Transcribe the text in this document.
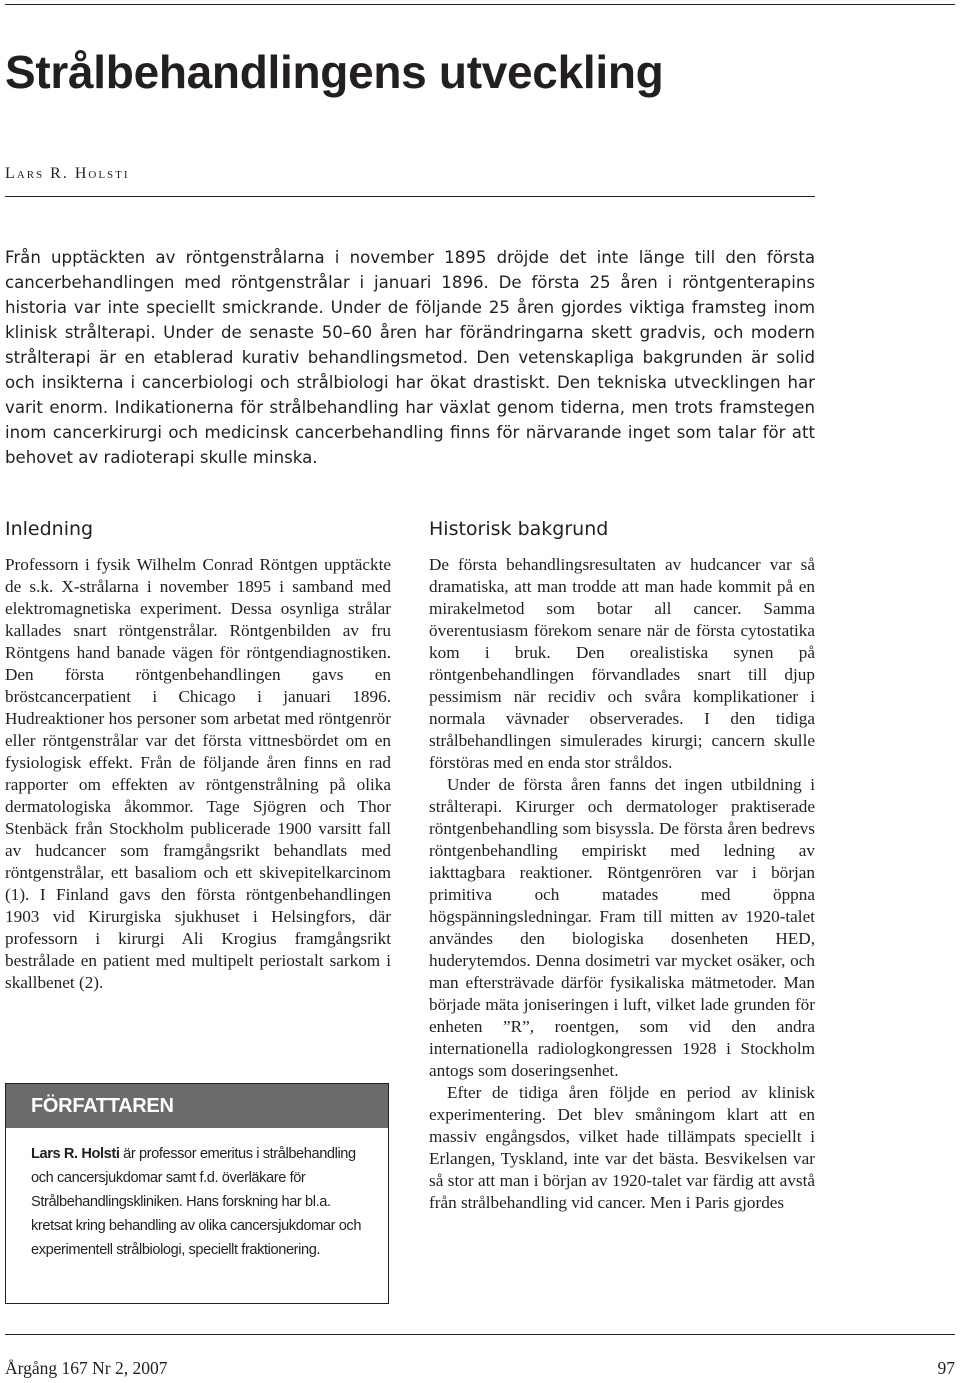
Strålbehandlingens utveckling
Lars R. Holsti

Från upptäckten av röntgenstrålarna i november 1895 dröjde det inte länge till den första cancerbehandlingen med röntgenstrålar i januari 1896. De första 25 åren i röntgenterapins historia var inte speciellt smickrande. Under de följande 25 åren gjordes viktiga framsteg inom klinisk strålterapi. Under de senaste 50–60 åren har förändringarna skett gradvis, och modern strålterapi är en etablerad kurativ behandlingsmetod. Den vetenskapliga bakgrunden är solid och insikterna i cancerbiologi och strålbiologi har ökat drastiskt. Den tekniska utvecklingen har varit enorm. Indikationerna för strålbehandling har växlat genom tiderna, men trots framstegen inom cancerkirurgi och medicinsk cancerbehandling finns för närvarande inget som talar för att behovet av radioterapi skulle minska.

Inledning

Professorn i fysik Wilhelm Conrad Röntgen upptäckte de s.k. X-strålarna i november 1895 i samband med elektromagnetiska experiment. Dessa osynliga strålar kallades snart röntgenstrålar. Röntgenbilden av fru Röntgens hand banade vägen för röntgendiagnostiken. Den första röntgenbehandlingen gavs en bröstcancerpatient i Chicago i januari 1896. Hudreaktioner hos personer som arbetat med röntgenrör eller röntgenstrålar var det första vittnesbördet om en fysiologisk effekt. Från de följande åren finns en rad rapporter om effekten av röntgenstrålning på olika dermatologiska åkommor. Tage Sjögren och Thor Stenbäck från Stockholm publicerade 1900 varsitt fall av hudcancer som framgångsrikt behandlats med röntgenstrålar, ett basaliom och ett skivepitelkarcinom (1). I Finland gavs den första röntgenbehandlingen 1903 vid Kirurgiska sjukhuset i Helsingfors, där professorn i kirurgi Ali Krogius framgångsrikt bestrålade en patient med multipelt periostalt sarkom i skallbenet (2).

Historisk bakgrund

De första behandlingsresultaten av hudcancer var så dramatiska, att man trodde att man hade kommit på en mirakelmetod som botar all cancer. Samma överentusiasm förekom senare när de första cytostatika kom i bruk. Den orealistiska synen på röntgenbehandlingen förvandlades snart till djup pessimism när recidiv och svåra komplikationer i normala vävnader observerades. I den tidiga strålbehandlingen simulerades kirurgi; cancern skulle förstöras med en enda stor stråldos.

Under de första åren fanns det ingen utbildning i strålterapi. Kirurger och dermatologer praktiserade röntgenbehandling som bisyssla. De första åren bedrevs röntgenbehandling empiriskt med ledning av iakttagbara reaktioner. Röntgenrören var i början primitiva och matades med öppna högspänningsledningar. Fram till mitten av 1920-talet användes den biologiska dosenheten HED, huderytemdos. Denna dosimetri var mycket osäker, och man eftersträvade därför fysikaliska mätmetoder. Man började mäta joniseringen i luft, vilket lade grunden för enheten ”R”, roentgen, som vid den andra internationella radiologkongressen 1928 i Stockholm antogs som doseringsenhet.

Efter de tidiga åren följde en period av klinisk experimentering. Det blev småningom klart att en massiv engångsdos, vilket hade tillämpats speciellt i Erlangen, Tyskland, inte var det bästa. Besvikelsen var så stor att man i början av 1920-talet var färdig att avstå från strålbehandling vid cancer. Men i Paris gjordes

FÖRFATTAREN
Lars R. Holsti är professor emeritus i strålbehandling och cancersjukdomar samt f.d. överläkare för Strålbehandlingskliniken. Hans forskning har bl.a. kretsat kring behandling av olika cancersjukdomar och experimentell strålbiologi, speciellt fraktionering.
Årgång 167 Nr 2, 2007	97
